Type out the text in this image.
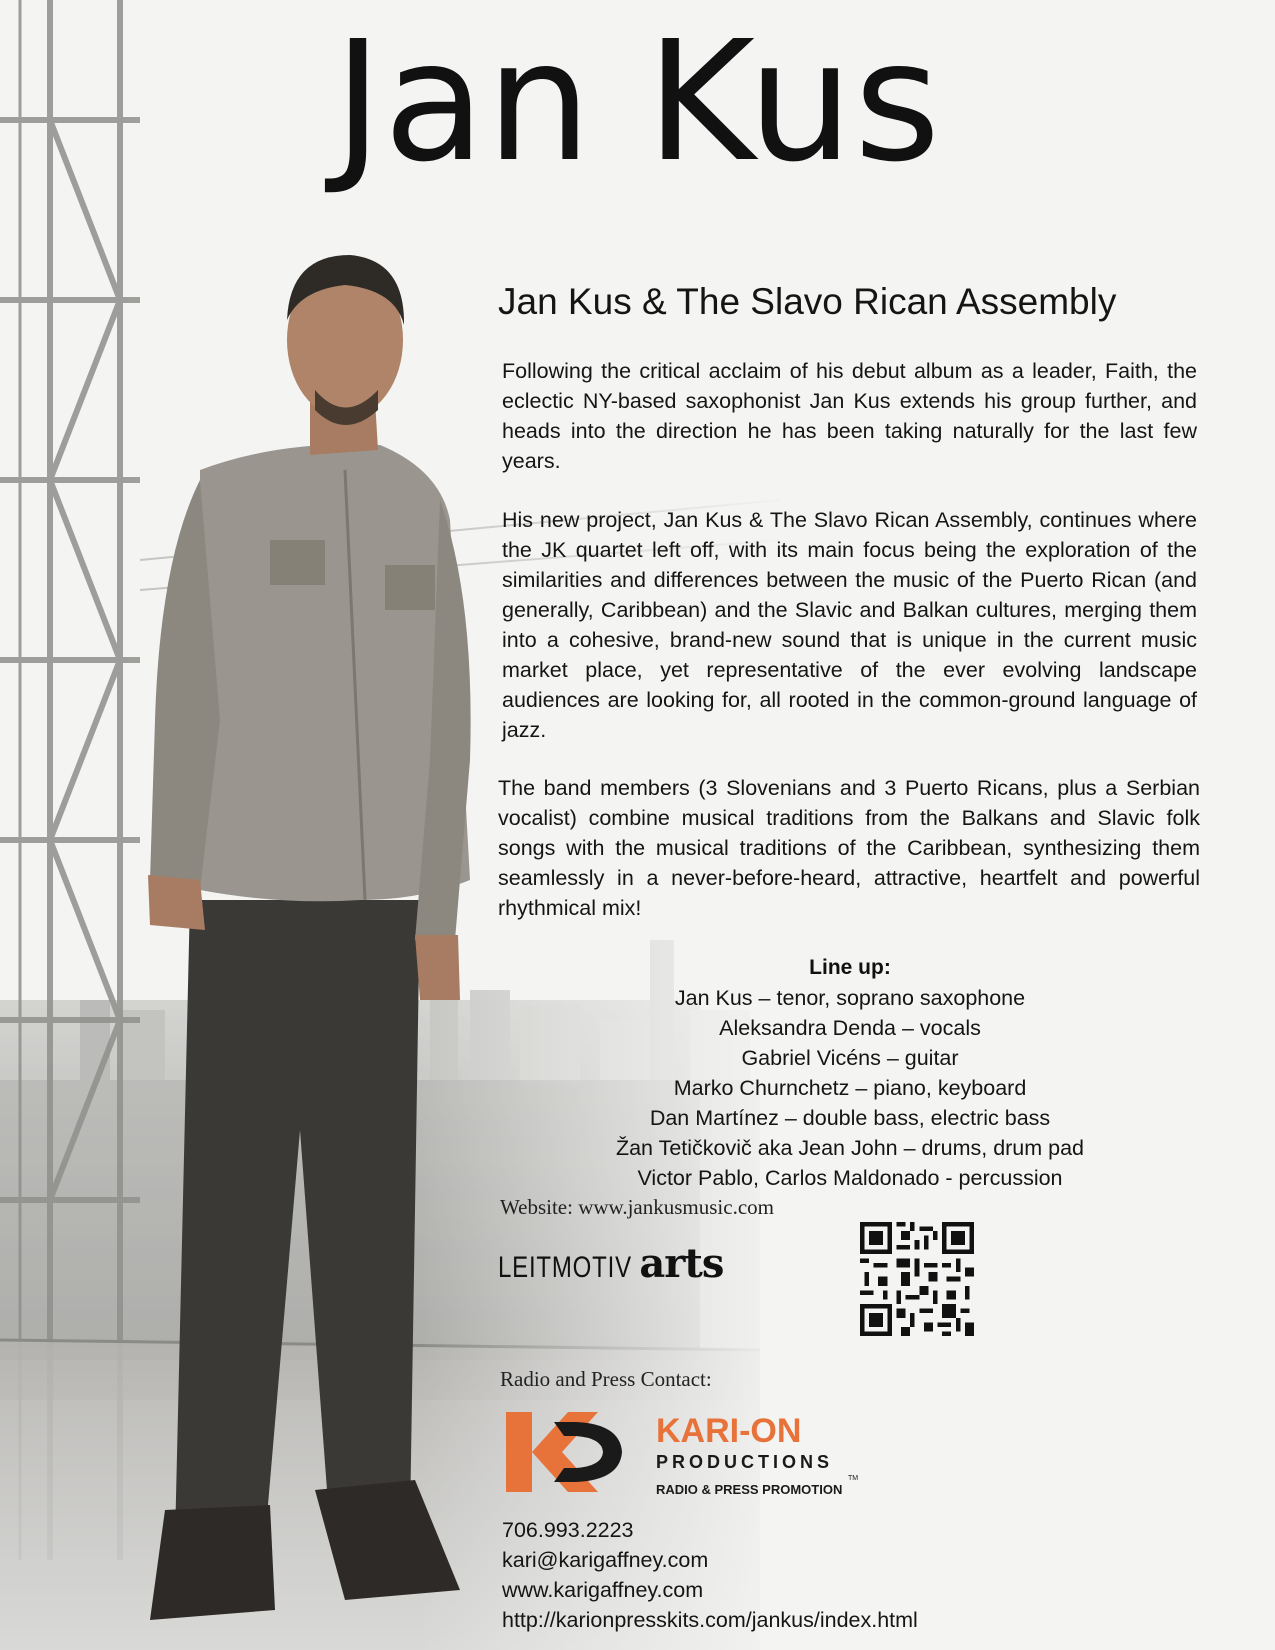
Jan Kus
Jan Kus & The Slavo Rican Assembly

Following the critical acclaim of his debut album as a leader, Faith, the eclectic NY-based saxophonist Jan Kus extends his group further, and heads into the direction he has been taking naturally for the last few years.

His new project, Jan Kus & The Slavo Rican Assembly, continues where the JK quartet left off, with its main focus being the exploration of the similarities and differences between the music of the Puerto Rican (and generally, Caribbean) and the Slavic and Balkan cultures, merging them into a cohesive, brand-new sound that is unique in the current music market place, yet representative of the ever evolving landscape audiences are looking for, all rooted in the common-ground language of jazz.

The band members (3 Slovenians and 3 Puerto Ricans, plus a Serbian vocalist) combine musical traditions from the Balkans and Slavic folk songs with the musical traditions of the Caribbean, synthesizing them seamlessly in a never-before-heard, attractive, heartfelt and powerful rhythmical mix!

Line up:
Jan Kus – tenor, soprano saxophone
Aleksandra Denda – vocals
Gabriel Vicéns – guitar
Marko Churnchetz – piano, keyboard
Dan Martínez – double bass, electric bass
Žan Tetičkovič aka Jean John – drums, drum pad
Victor Pablo, Carlos Maldonado - percussion
Website: www.jankusmusic.com
LEITMOTIV arts
Radio and Press Contact:
KARI-ON
PRODUCTIONS
TM
RADIO & PRESS PROMOTION
706.993.2223
kari@karigaffney.com
www.karigaffney.com
http://karionpresskits.com/jankus/index.html
